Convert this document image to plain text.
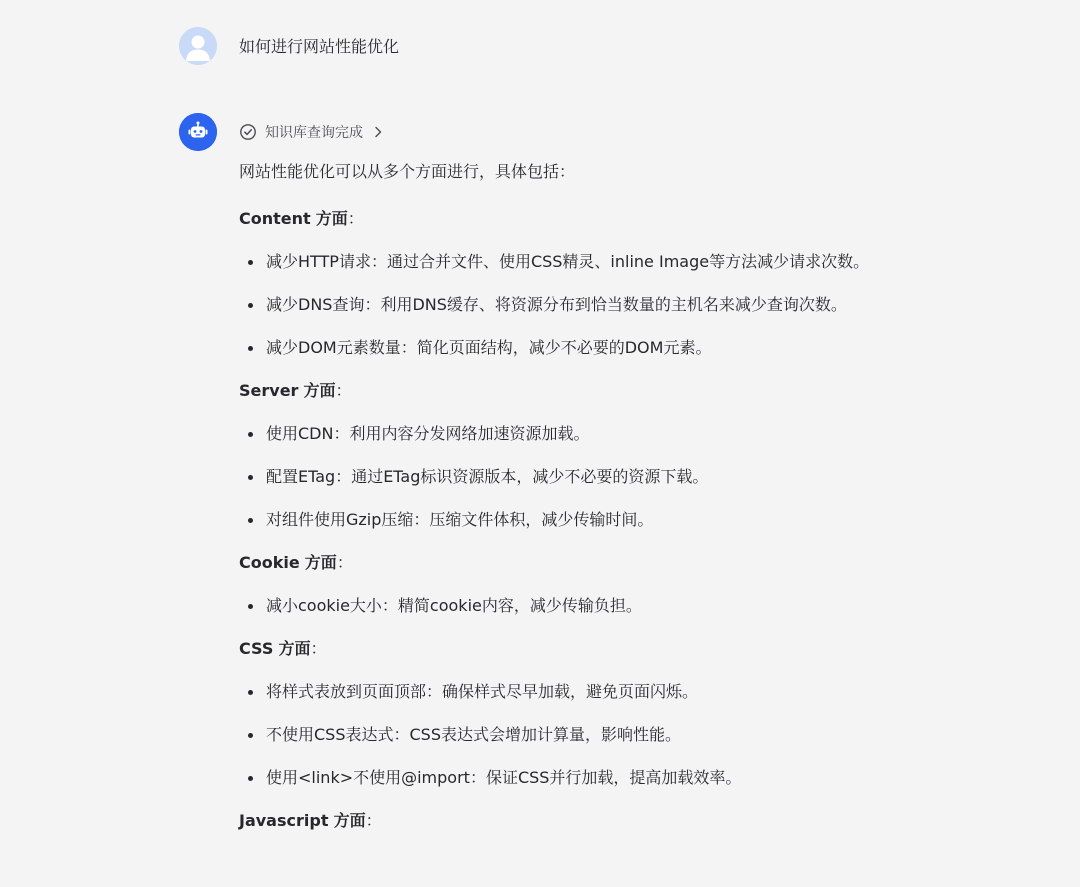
如何进行网站性能优化
知识库查询完成

网站性能优化可以从多个方面进行，具体包括：

Content 方面：

减少HTTP请求：通过合并文件、使用CSS精灵、inline Image等方法减少请求次数。
减少DNS查询：利用DNS缓存、将资源分布到恰当数量的主机名来减少查询次数。
减少DOM元素数量：简化页面结构，减少不必要的DOM元素。

Server 方面：

使用CDN：利用内容分发网络加速资源加载。
配置ETag：通过ETag标识资源版本，减少不必要的资源下载。
对组件使用Gzip压缩：压缩文件体积，减少传输时间。

Cookie 方面：

减小cookie大小：精简cookie内容，减少传输负担。

CSS 方面：

将样式表放到页面顶部：确保样式尽早加载，避免页面闪烁。
不使用CSS表达式：CSS表达式会增加计算量，影响性能。
使用<link>不使用@import：保证CSS并行加载，提高加载效率。

Javascript 方面：
